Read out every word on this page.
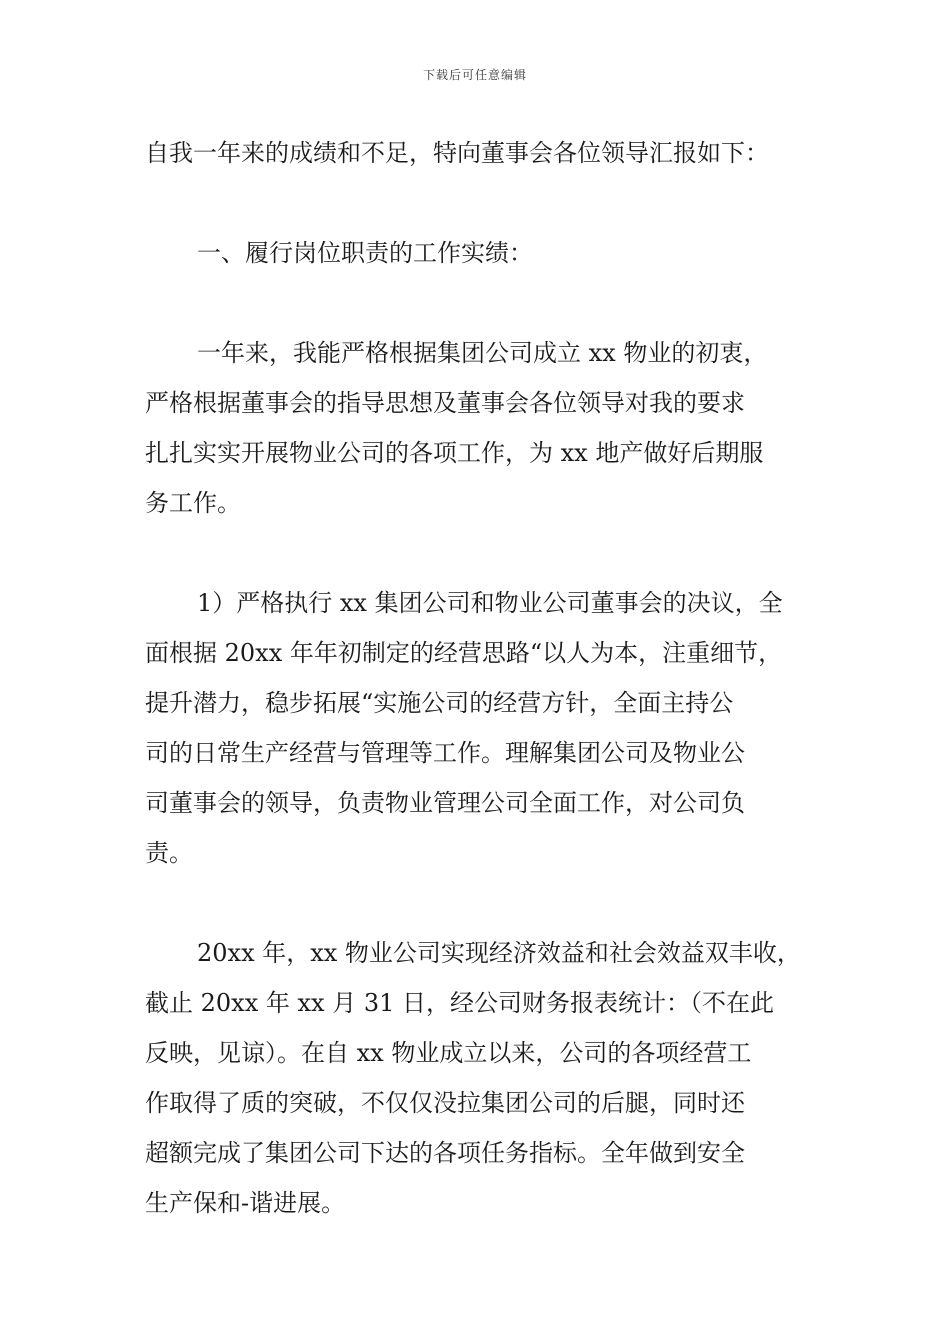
下载后可任意编辑

自我一年来的成绩和不足，特向董事会各位领导汇报如下：

一、履行岗位职责的工作实绩：

一年来，我能严格根据集团公司成立 xx 物业的初衷，
严格根据董事会的指导思想及董事会各位领导对我的要求
扎扎实实开展物业公司的各项工作，为 xx 地产做好后期服
务工作。

1）严格执行 xx 集团公司和物业公司董事会的决议，全
面根据 20xx 年年初制定的经营思路“以人为本，注重细节，
提升潜力，稳步拓展“实施公司的经营方针，全面主持公
司的日常生产经营与管理等工作。理解集团公司及物业公
司董事会的领导，负责物业管理公司全面工作，对公司负
责。

20xx 年，xx 物业公司实现经济效益和社会效益双丰收，
截止 20xx 年 xx 月 31 日，经公司财务报表统计：（不在此
反映，见谅）。在自 xx 物业成立以来，公司的各项经营工
作取得了质的突破，不仅仅没拉集团公司的后腿，同时还
超额完成了集团公司下达的各项任务指标。全年做到安全
生产保和-谐进展。
